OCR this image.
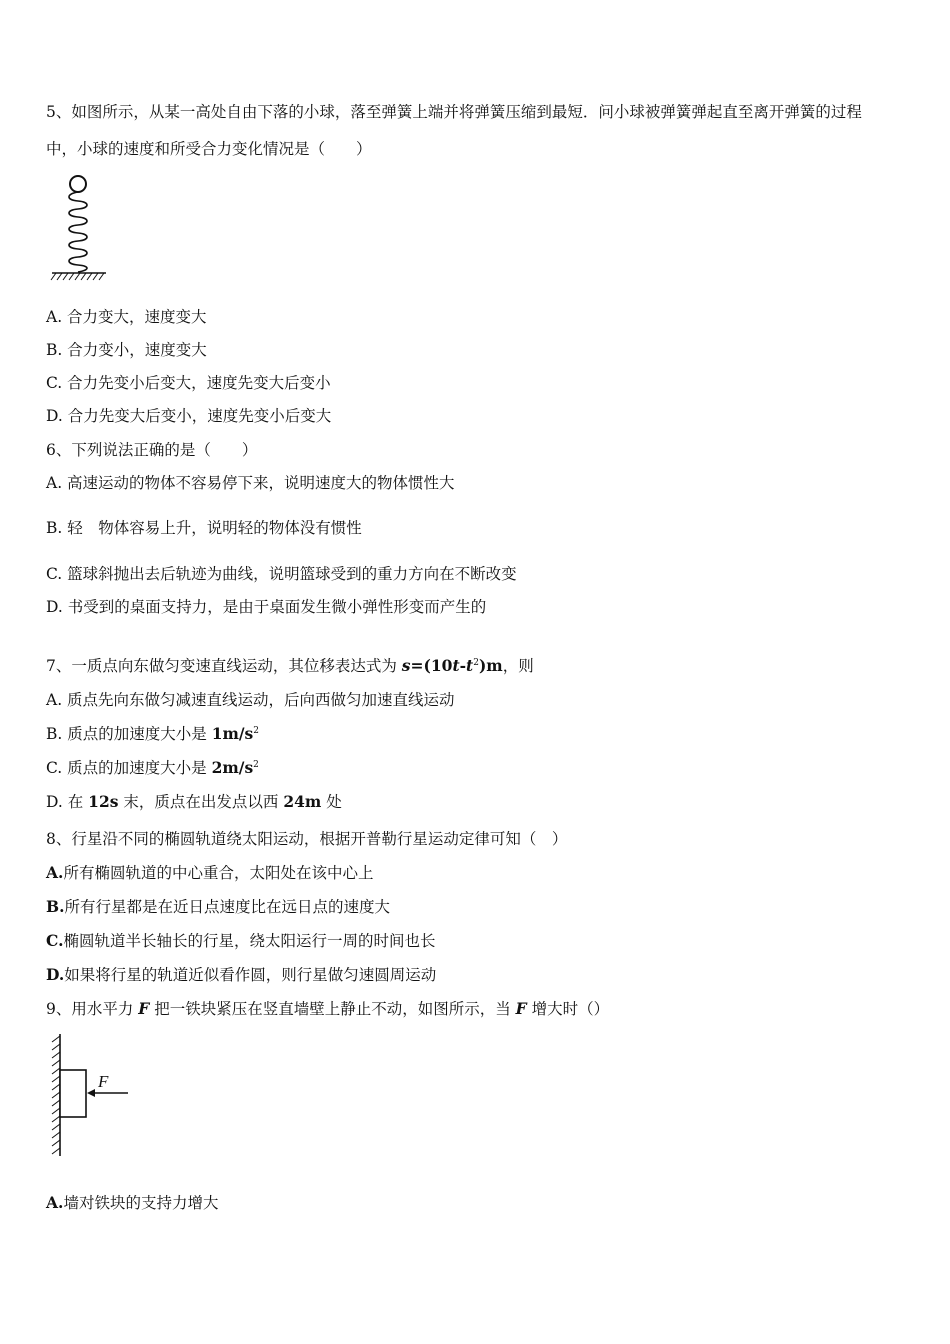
5、如图所示，从某一高处自由下落的小球，落至弹簧上端并将弹簧压缩到最短．问小球被弹簧弹起直至离开弹簧的过程
中，小球的速度和所受合力变化情况是（　　）
A. 合力变大，速度变大
B. 合力变小，速度变大
C. 合力先变小后变大，速度先变大后变小
D. 合力先变大后变小，速度先变小后变大
6、下列说法正确的是（　　）
A. 高速运动的物体不容易停下来，说明速度大的物体惯性大
B. 轻　物体容易上升，说明轻的物体没有惯性
C. 篮球斜抛出去后轨迹为曲线，说明篮球受到的重力方向在不断改变
D. 书受到的桌面支持力，是由于桌面发生微小弹性形变而产生的
7、一质点向东做匀变速直线运动，其位移表达式为 $s=(10t-t^2)m$，则
A. 质点先向东做匀减速直线运动，后向西做匀加速直线运动
B. 质点的加速度大小是 $1m/s^2$
C. 质点的加速度大小是 $2m/s^2$
D. 在 12s 末，质点在出发点以西 24m 处
8、行星沿不同的椭圆轨道绕太阳运动，根据开普勒行星运动定律可知（　）
A.所有椭圆轨道的中心重合，太阳处在该中心上
B.所有行星都是在近日点速度比在远日点的速度大
C.椭圆轨道半长轴长的行星，绕太阳运行一周的时间也长
D.如果将行星的轨道近似看作圆，则行星做匀速圆周运动
9、用水平力 F 把一铁块紧压在竖直墙壁上静止不动，如图所示，当 F 增大时（）
F
A.墙对铁块的支持力增大
